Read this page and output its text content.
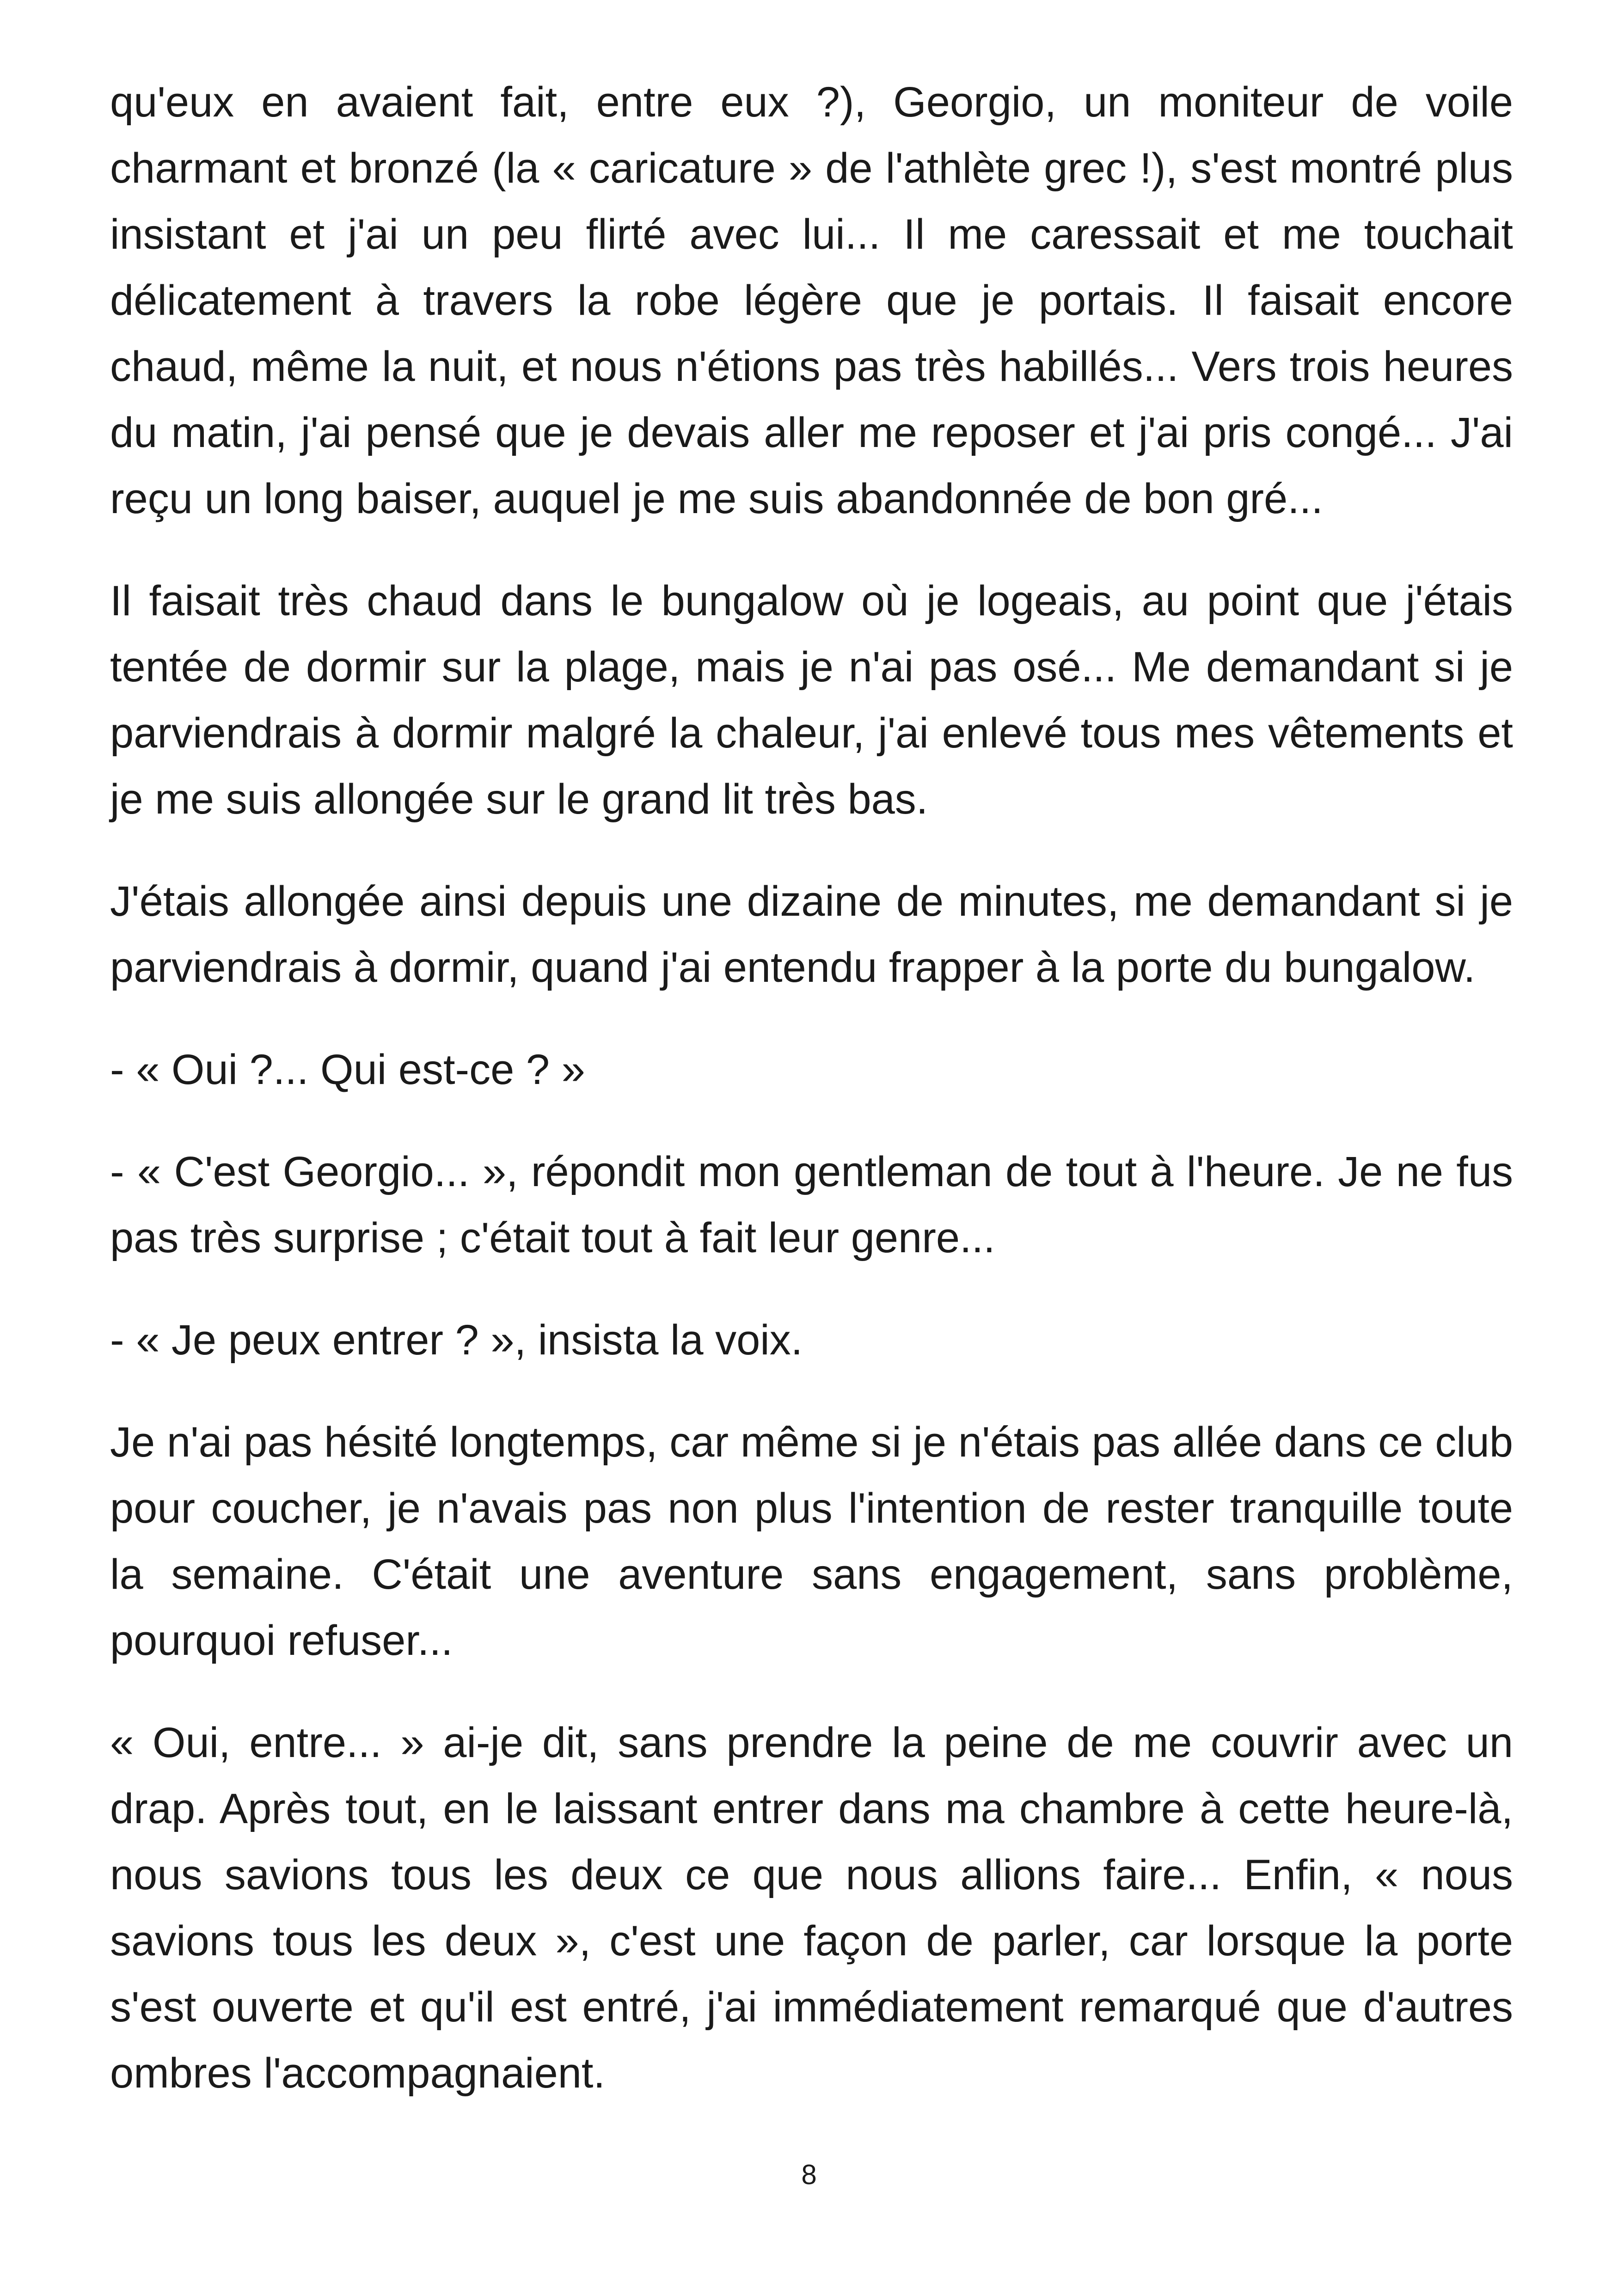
qu'eux en avaient fait, entre eux ?), Georgio, un moniteur de voile charmant et bronzé (la « caricature » de l'athlète grec !), s'est montré plus insistant et j'ai un peu flirté avec lui... Il me caressait et me touchait délicatement à travers la robe légère que je portais. Il faisait encore chaud, même la nuit, et nous n'étions pas très habillés... Vers trois heures du matin, j'ai pensé que je devais aller me reposer et j'ai pris congé... J'ai reçu un long baiser, auquel je me suis abandonnée de bon gré...

Il faisait très chaud dans le bungalow où je logeais, au point que j'étais tentée de dormir sur la plage, mais je n'ai pas osé... Me demandant si je parviendrais à dormir malgré la chaleur, j'ai enlevé tous mes vêtements et je me suis allongée sur le grand lit très bas.

J'étais allongée ainsi depuis une dizaine de minutes, me demandant si je parviendrais à dormir, quand j'ai entendu frapper à la porte du bungalow.

- « Oui ?... Qui est-ce ? »

- « C'est Georgio... », répondit mon gentleman de tout à l'heure. Je ne fus pas très surprise ; c'était tout à fait leur genre...

- « Je peux entrer ? », insista la voix.

Je n'ai pas hésité longtemps, car même si je n'étais pas allée dans ce club pour coucher, je n'avais pas non plus l'intention de rester tranquille toute la semaine. C'était une aventure sans engagement, sans problème, pourquoi refuser...

« Oui, entre... » ai-je dit, sans prendre la peine de me couvrir avec un drap. Après tout, en le laissant entrer dans ma chambre à cette heure-là, nous savions tous les deux ce que nous allions faire... Enfin, « nous savions tous les deux », c'est une façon de parler, car lorsque la porte s'est ouverte et qu'il est entré, j'ai immédiatement remarqué que d'autres ombres l'accompagnaient.

8
